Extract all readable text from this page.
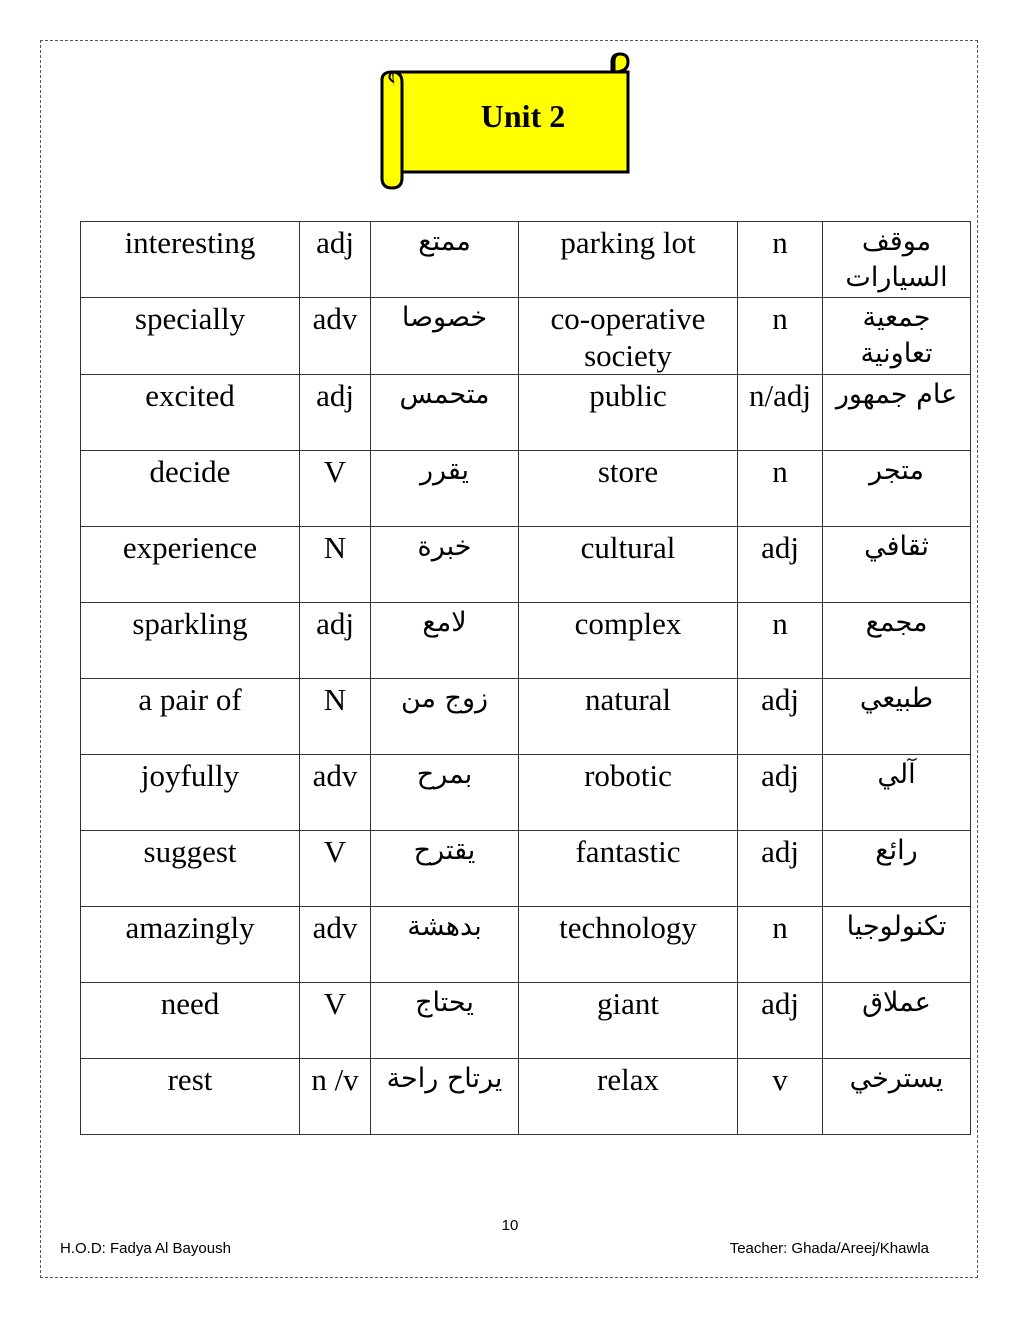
Unit 2
interesting	adj	ممتع	parking lot	n	موقف السيارات
specially	adv	خصوصا	co-operative society	n	جمعية تعاونية
excited	adj	متحمس	public	n/adj	عام جمهور
decide	V	يقرر	store	n	متجر
experience	N	خبرة	cultural	adj	ثقافي
sparkling	adj	لامع	complex	n	مجمع
a pair of	N	زوج من	natural	adj	طبيعي
joyfully	adv	بمرح	robotic	adj	آلي
suggest	V	يقترح	fantastic	adj	رائع
amazingly	adv	بدهشة	technology	n	تكنولوجيا
need	V	يحتاج	giant	adj	عملاق
rest	n /v	يرتاح راحة	relax	v	يسترخي
10
H.O.D: Fadya Al Bayoush	Teacher: Ghada/Areej/Khawla
